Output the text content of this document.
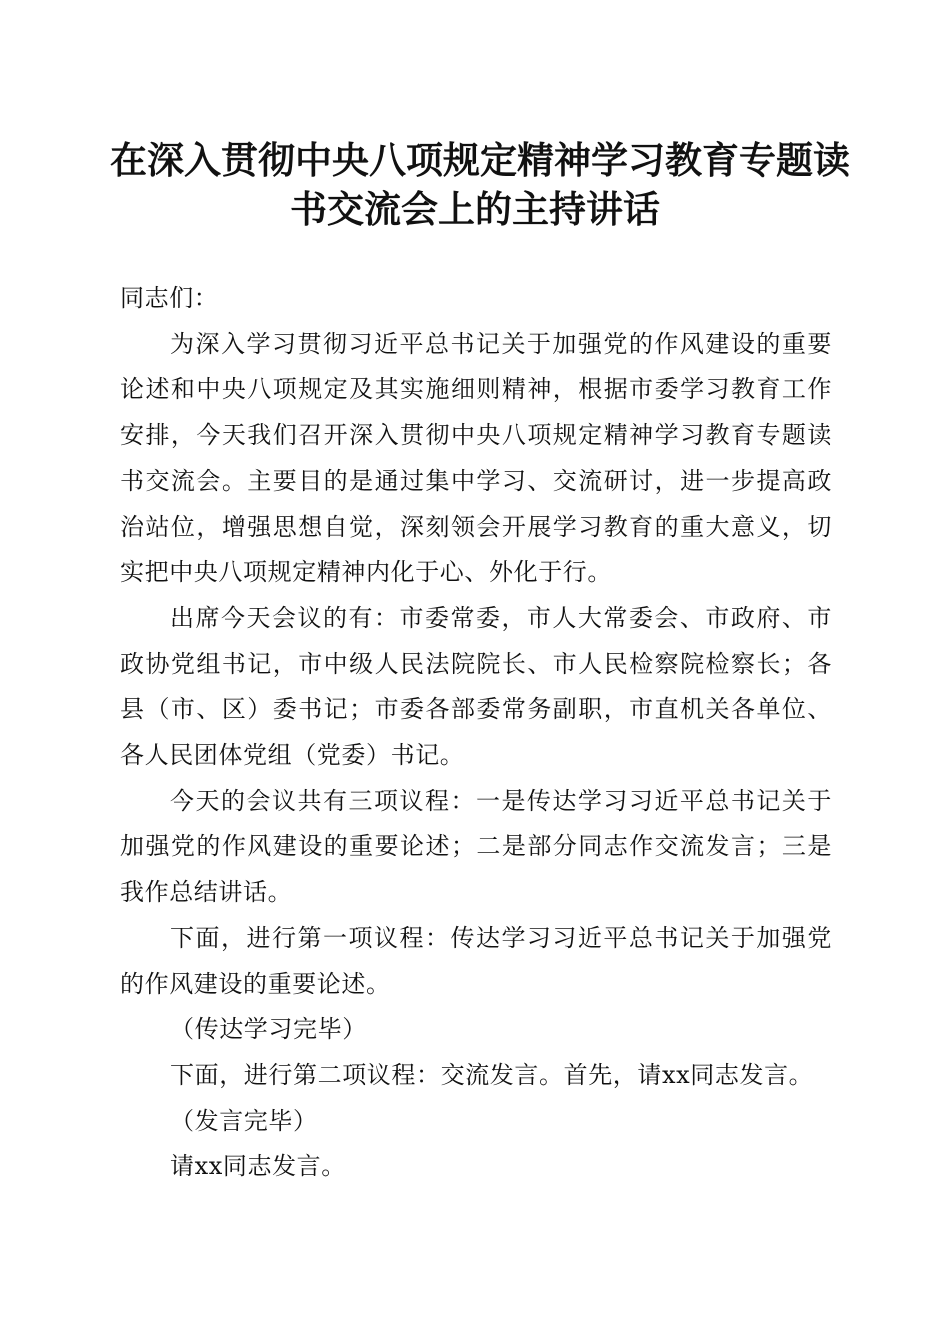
在深入贯彻中央八项规定精神学习教育专题读
书交流会上的主持讲话

同志们：

为深入学习贯彻习近平总书记关于加强党的作风建设的重要论述和中央八项规定及其实施细则精神，根据市委学习教育工作安排，今天我们召开深入贯彻中央八项规定精神学习教育专题读书交流会。主要目的是通过集中学习、交流研讨，进一步提高政治站位，增强思想自觉，深刻领会开展学习教育的重大意义，切实把中央八项规定精神内化于心、外化于行。

出席今天会议的有：市委常委，市人大常委会、市政府、市政协党组书记，市中级人民法院院长、市人民检察院检察长；各县（市、区）委书记；市委各部委常务副职，市直机关各单位、各人民团体党组（党委）书记。

今天的会议共有三项议程：一是传达学习习近平总书记关于加强党的作风建设的重要论述；二是部分同志作交流发言；三是我作总结讲话。

下面，进行第一项议程：传达学习习近平总书记关于加强党的作风建设的重要论述。

（传达学习完毕）

下面，进行第二项议程：交流发言。首先，请xx同志发言。

（发言完毕）

请xx同志发言。
